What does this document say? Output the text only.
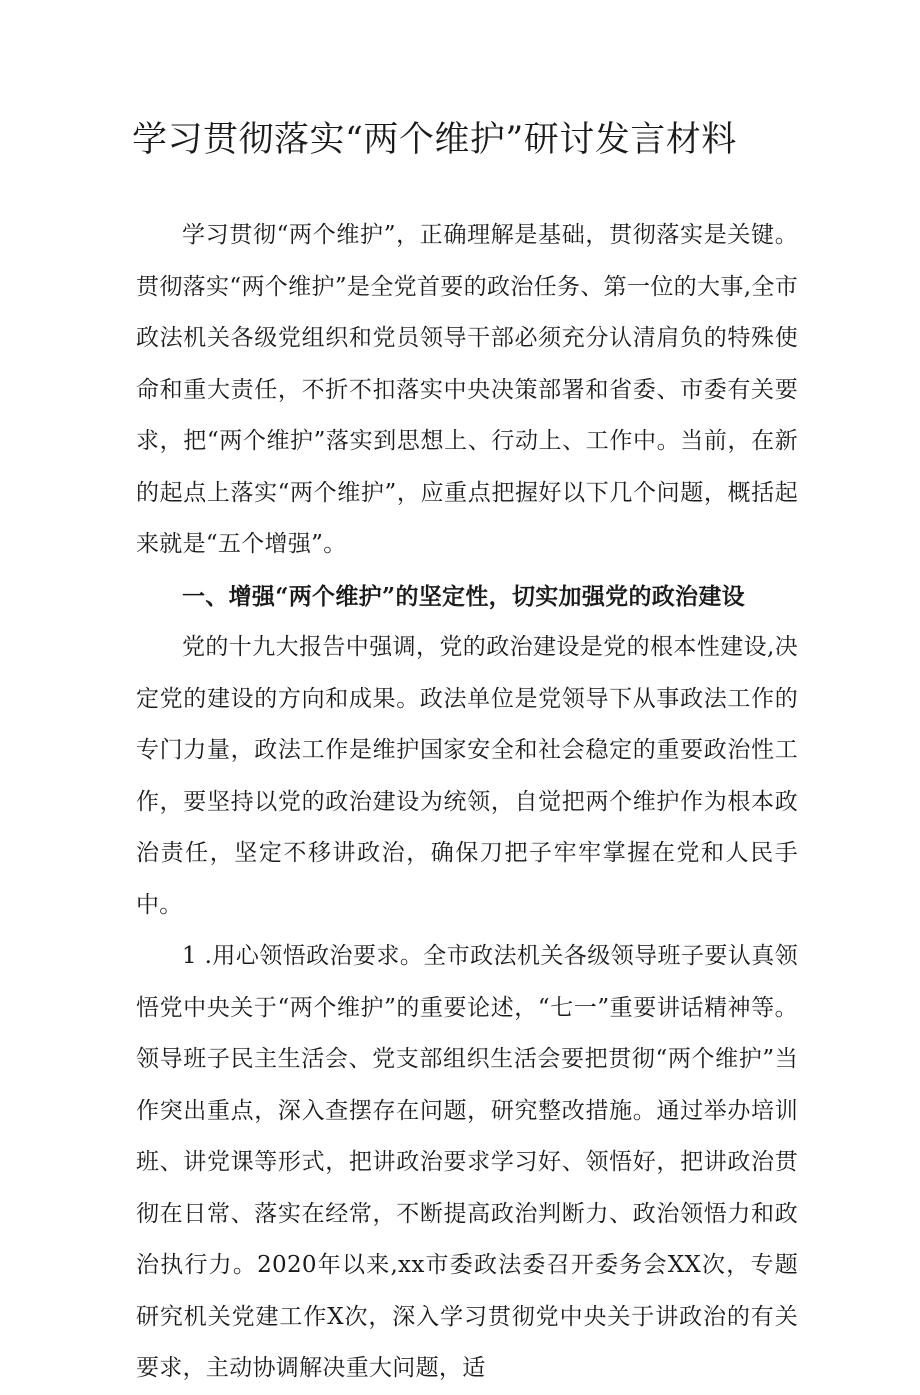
学习贯彻落实“两个维护”研讨发言材料

学习贯彻“两个维护”，正确理解是基础，贯彻落实是关键。贯彻落实“两个维护”是全党首要的政治任务、第一位的大事,全市政法机关各级党组织和党员领导干部必须充分认清肩负的特殊使命和重大责任，不折不扣落实中央决策部署和省委、市委有关要求，把“两个维护”落实到思想上、行动上、工作中。当前，在新的起点上落实“两个维护”，应重点把握好以下几个问题，概括起来就是“五个增强”。

一、增强“两个维护”的坚定性，切实加强党的政治建设

党的十九大报告中强调，党的政治建设是党的根本性建设,决定党的建设的方向和成果。政法单位是党领导下从事政法工作的专门力量，政法工作是维护国家安全和社会稳定的重要政治性工作，要坚持以党的政治建设为统领，自觉把两个维护作为根本政治责任，坚定不移讲政治，确保刀把子牢牢掌握在党和人民手中。

1 .用心领悟政治要求。全市政法机关各级领导班子要认真领悟党中央关于“两个维护”的重要论述，“七一”重要讲话精神等。领导班子民主生活会、党支部组织生活会要把贯彻“两个维护”当作突出重点，深入查摆存在问题，研究整改措施。通过举办培训班、讲党课等形式，把讲政治要求学习好、领悟好，把讲政治贯彻在日常、落实在经常，不断提高政治判断力、政治领悟力和政治执行力。2020年以来,xx市委政法委召开委务会XX次，专题研究机关党建工作X次，深入学习贯彻党中央关于讲政治的有关要求，主动协调解决重大问题，适
